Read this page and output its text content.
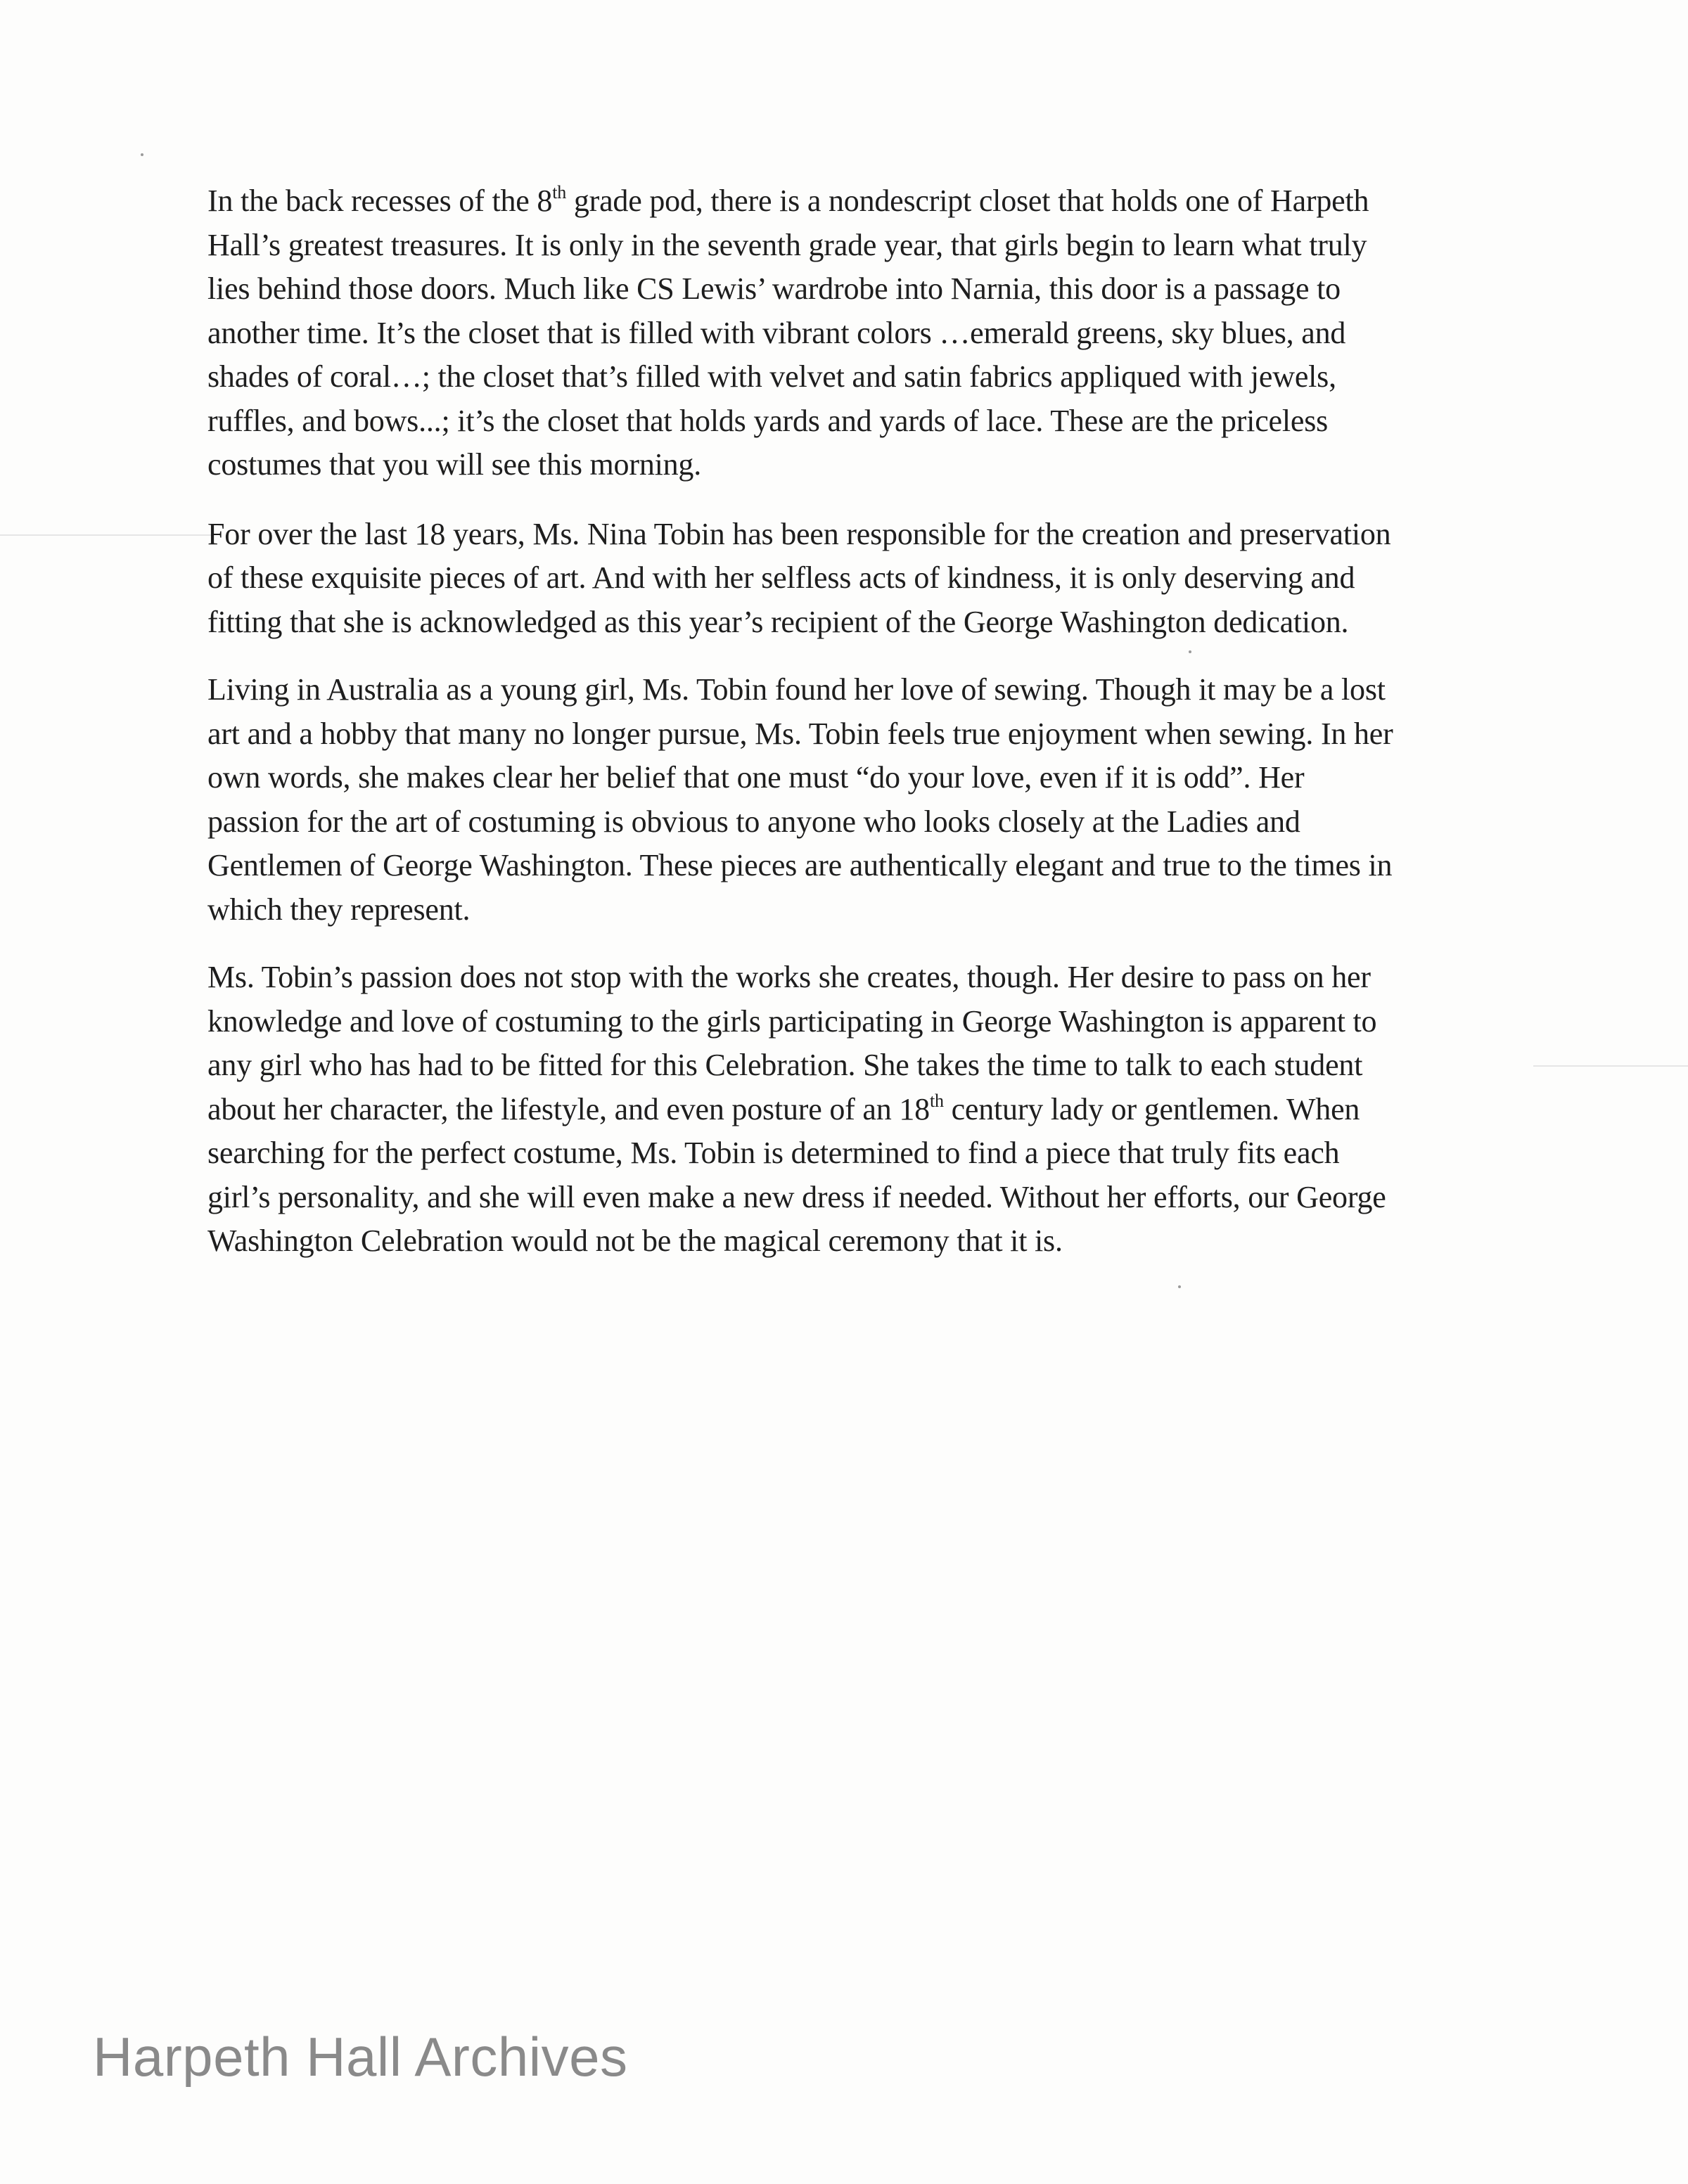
In the back recesses of the 8th grade pod, there is a nondescript closet that holds one of Harpeth
Hall’s greatest treasures. It is only in the seventh grade year, that girls begin to learn what truly
lies behind those doors. Much like CS Lewis’ wardrobe into Narnia, this door is a passage to
another time. It’s the closet that is filled with vibrant colors …emerald greens, sky blues, and
shades of coral…; the closet that’s filled with velvet and satin fabrics appliqued with jewels,
ruffles, and bows...; it’s the closet that holds yards and yards of lace. These are the priceless
costumes that you will see this morning.

For over the last 18 years, Ms. Nina Tobin has been responsible for the creation and preservation
of these exquisite pieces of art. And with her selfless acts of kindness, it is only deserving and
fitting that she is acknowledged as this year’s recipient of the George Washington dedication.

Living in Australia as a young girl, Ms. Tobin found her love of sewing. Though it may be a lost
art and a hobby that many no longer pursue, Ms. Tobin feels true enjoyment when sewing. In her
own words, she makes clear her belief that one must “do your love, even if it is odd”. Her
passion for the art of costuming is obvious to anyone who looks closely at the Ladies and
Gentlemen of George Washington. These pieces are authentically elegant and true to the times in
which they represent.

Ms. Tobin’s passion does not stop with the works she creates, though. Her desire to pass on her
knowledge and love of costuming to the girls participating in George Washington is apparent to
any girl who has had to be fitted for this Celebration. She takes the time to talk to each student
about her character, the lifestyle, and even posture of an 18th century lady or gentlemen. When
searching for the perfect costume, Ms. Tobin is determined to find a piece that truly fits each
girl’s personality, and she will even make a new dress if needed. Without her efforts, our George
Washington Celebration would not be the magical ceremony that it is.

Harpeth Hall Archives
